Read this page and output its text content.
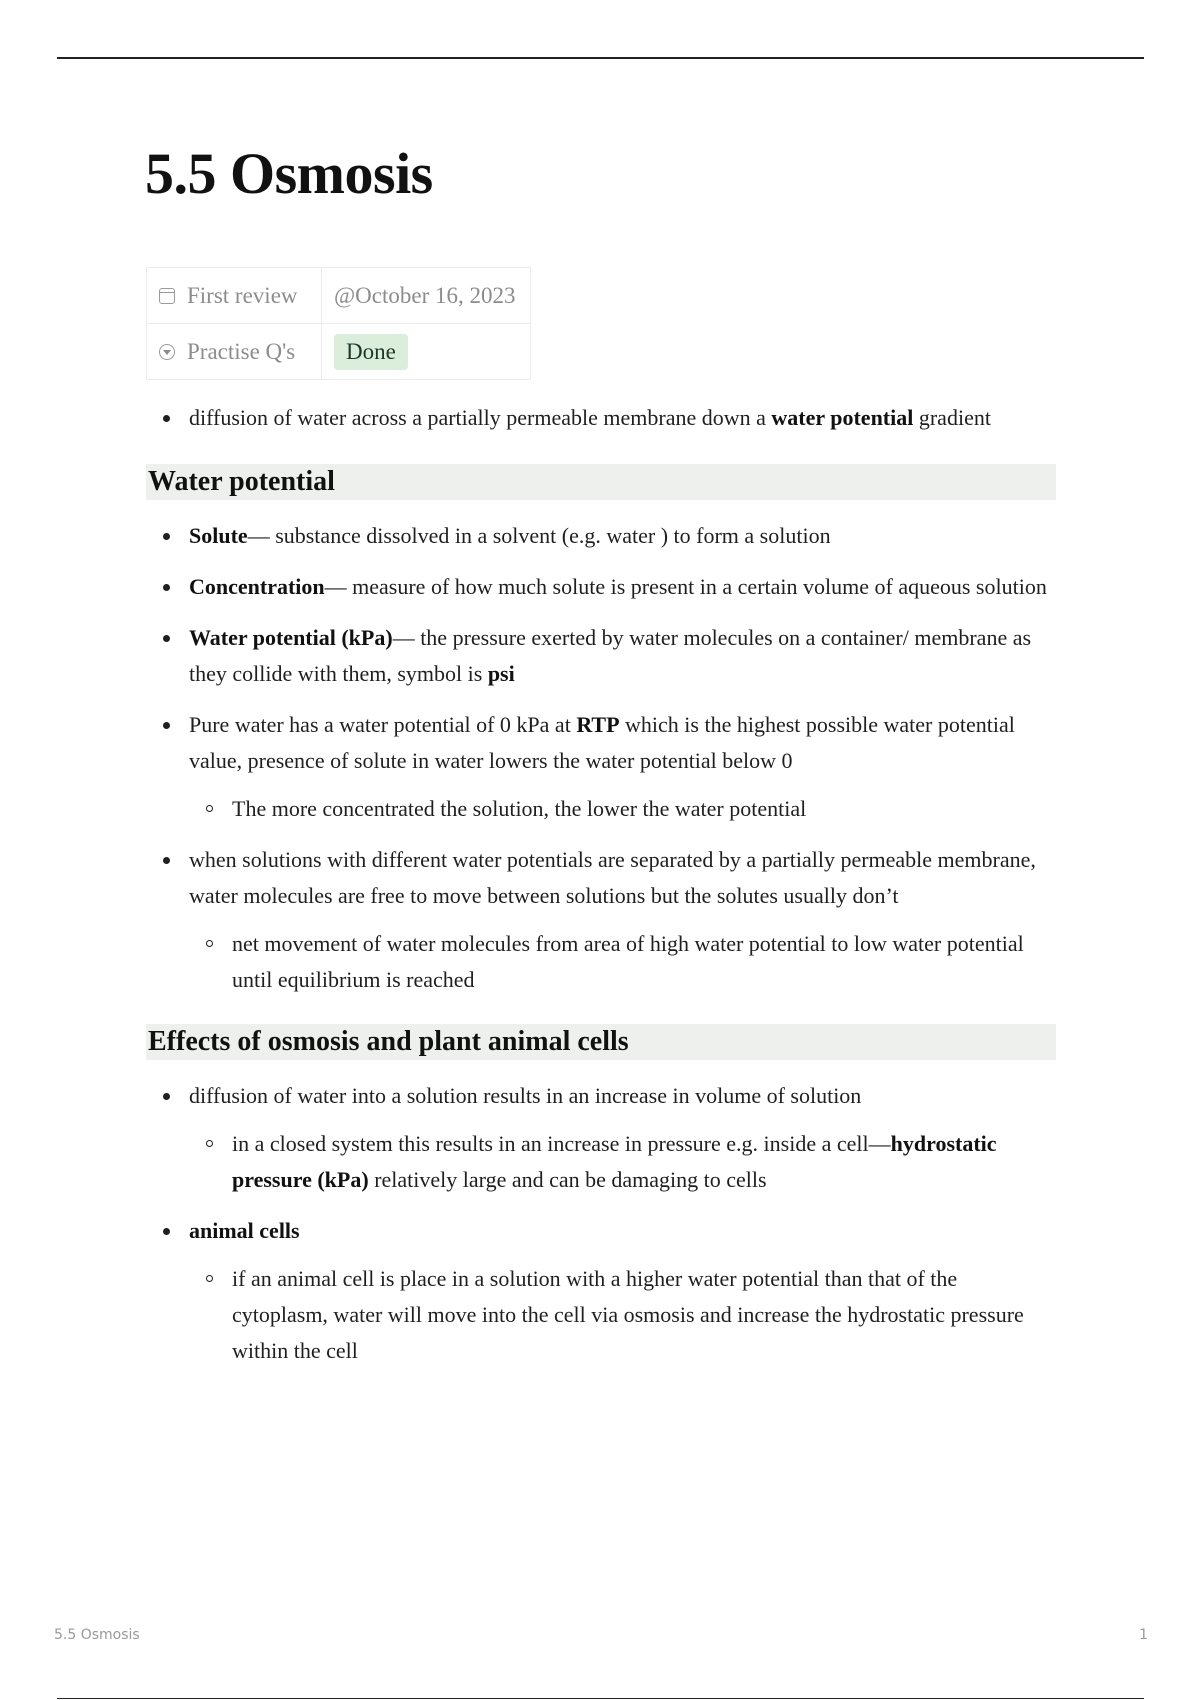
5.5 Osmosis
First review	@October 16, 2023
Practise Q's	Done
diffusion of water across a partially permeable membrane down a water potential gradient
Water potential
Solute— substance dissolved in a solvent (e.g. water ) to form a solution
Concentration— measure of how much solute is present in a certain volume of aqueous solution
Water potential (kPa)— the pressure exerted by water molecules on a container/ membrane as they collide with them, symbol is psi
Pure water has a water potential of 0 kPa at RTP which is the highest possible water potential value, presence of solute in water lowers the water potential below 0
The more concentrated the solution, the lower the water potential
when solutions with different water potentials are separated by a partially permeable membrane, water molecules are free to move between solutions but the solutes usually don’t
net movement of water molecules from area of high water potential to low water potential until equilibrium is reached
Effects of osmosis and plant animal cells
diffusion of water into a solution results in an increase in volume of solution
in a closed system this results in an increase in pressure e.g. inside a cell—hydrostatic pressure (kPa) relatively large and can be damaging to cells
animal cells
if an animal cell is place in a solution with a higher water potential than that of the cytoplasm, water will move into the cell via osmosis and increase the hydrostatic pressure within the cell
5.5 Osmosis	1
